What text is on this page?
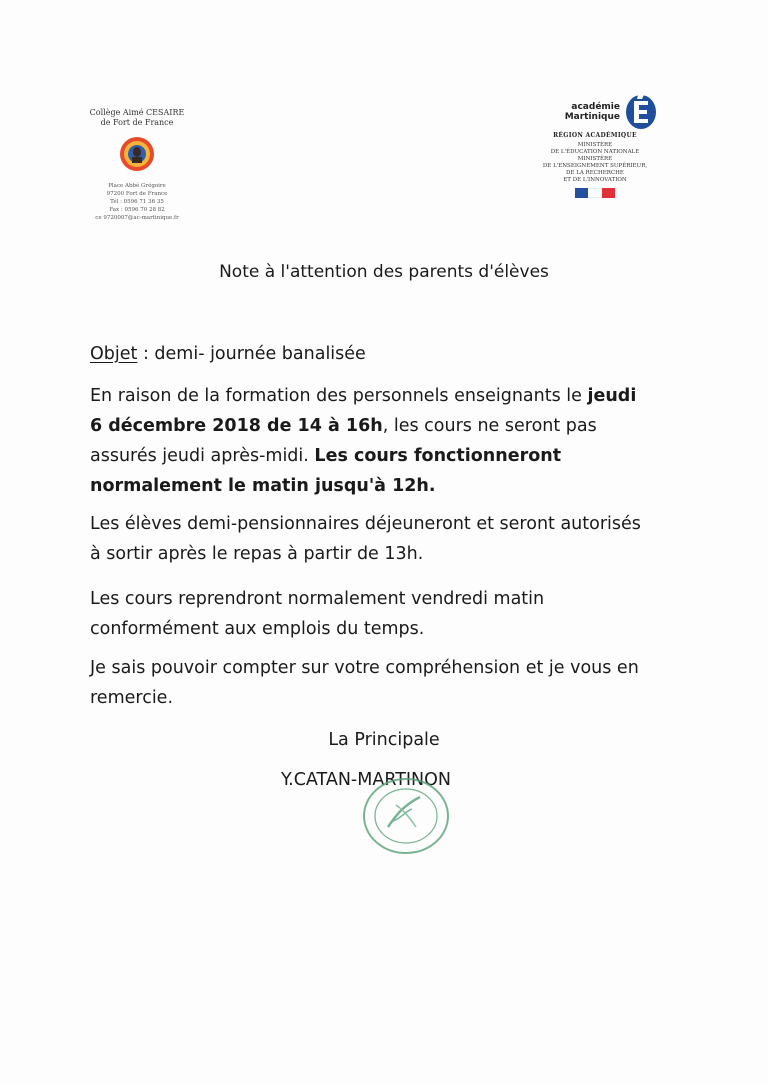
Collège Aimé CESAIRE
de Fort de France
Place Abbé Grégoire
97200 Fort de France
Tél : 0596 71 36 35
Fax : 0596 70 28 82
ce 9720007@ac-martinique.fr
académie
Martinique
RÉGION ACADÉMIQUE
MINISTÈRE
DE L'ÉDUCATION NATIONALE
MINISTÈRE
DE L'ENSEIGNEMENT SUPÉRIEUR,
DE LA RECHERCHE
ET DE L'INNOVATION
Note à l'attention des parents d'élèves
Objet : demi- journée banalisée
En raison de la formation des personnels enseignants le jeudi 6 décembre 2018 de 14 à 16h, les cours ne seront pas assurés jeudi après-midi. Les cours fonctionneront normalement le matin jusqu'à 12h.
Les élèves demi-pensionnaires déjeuneront et seront autorisés à sortir après le repas à partir de 13h.
Les cours reprendront normalement vendredi matin conformément aux emplois du temps.
Je sais pouvoir compter sur votre compréhension et je vous en remercie.
La Principale
Y.CATAN-MARTINON
